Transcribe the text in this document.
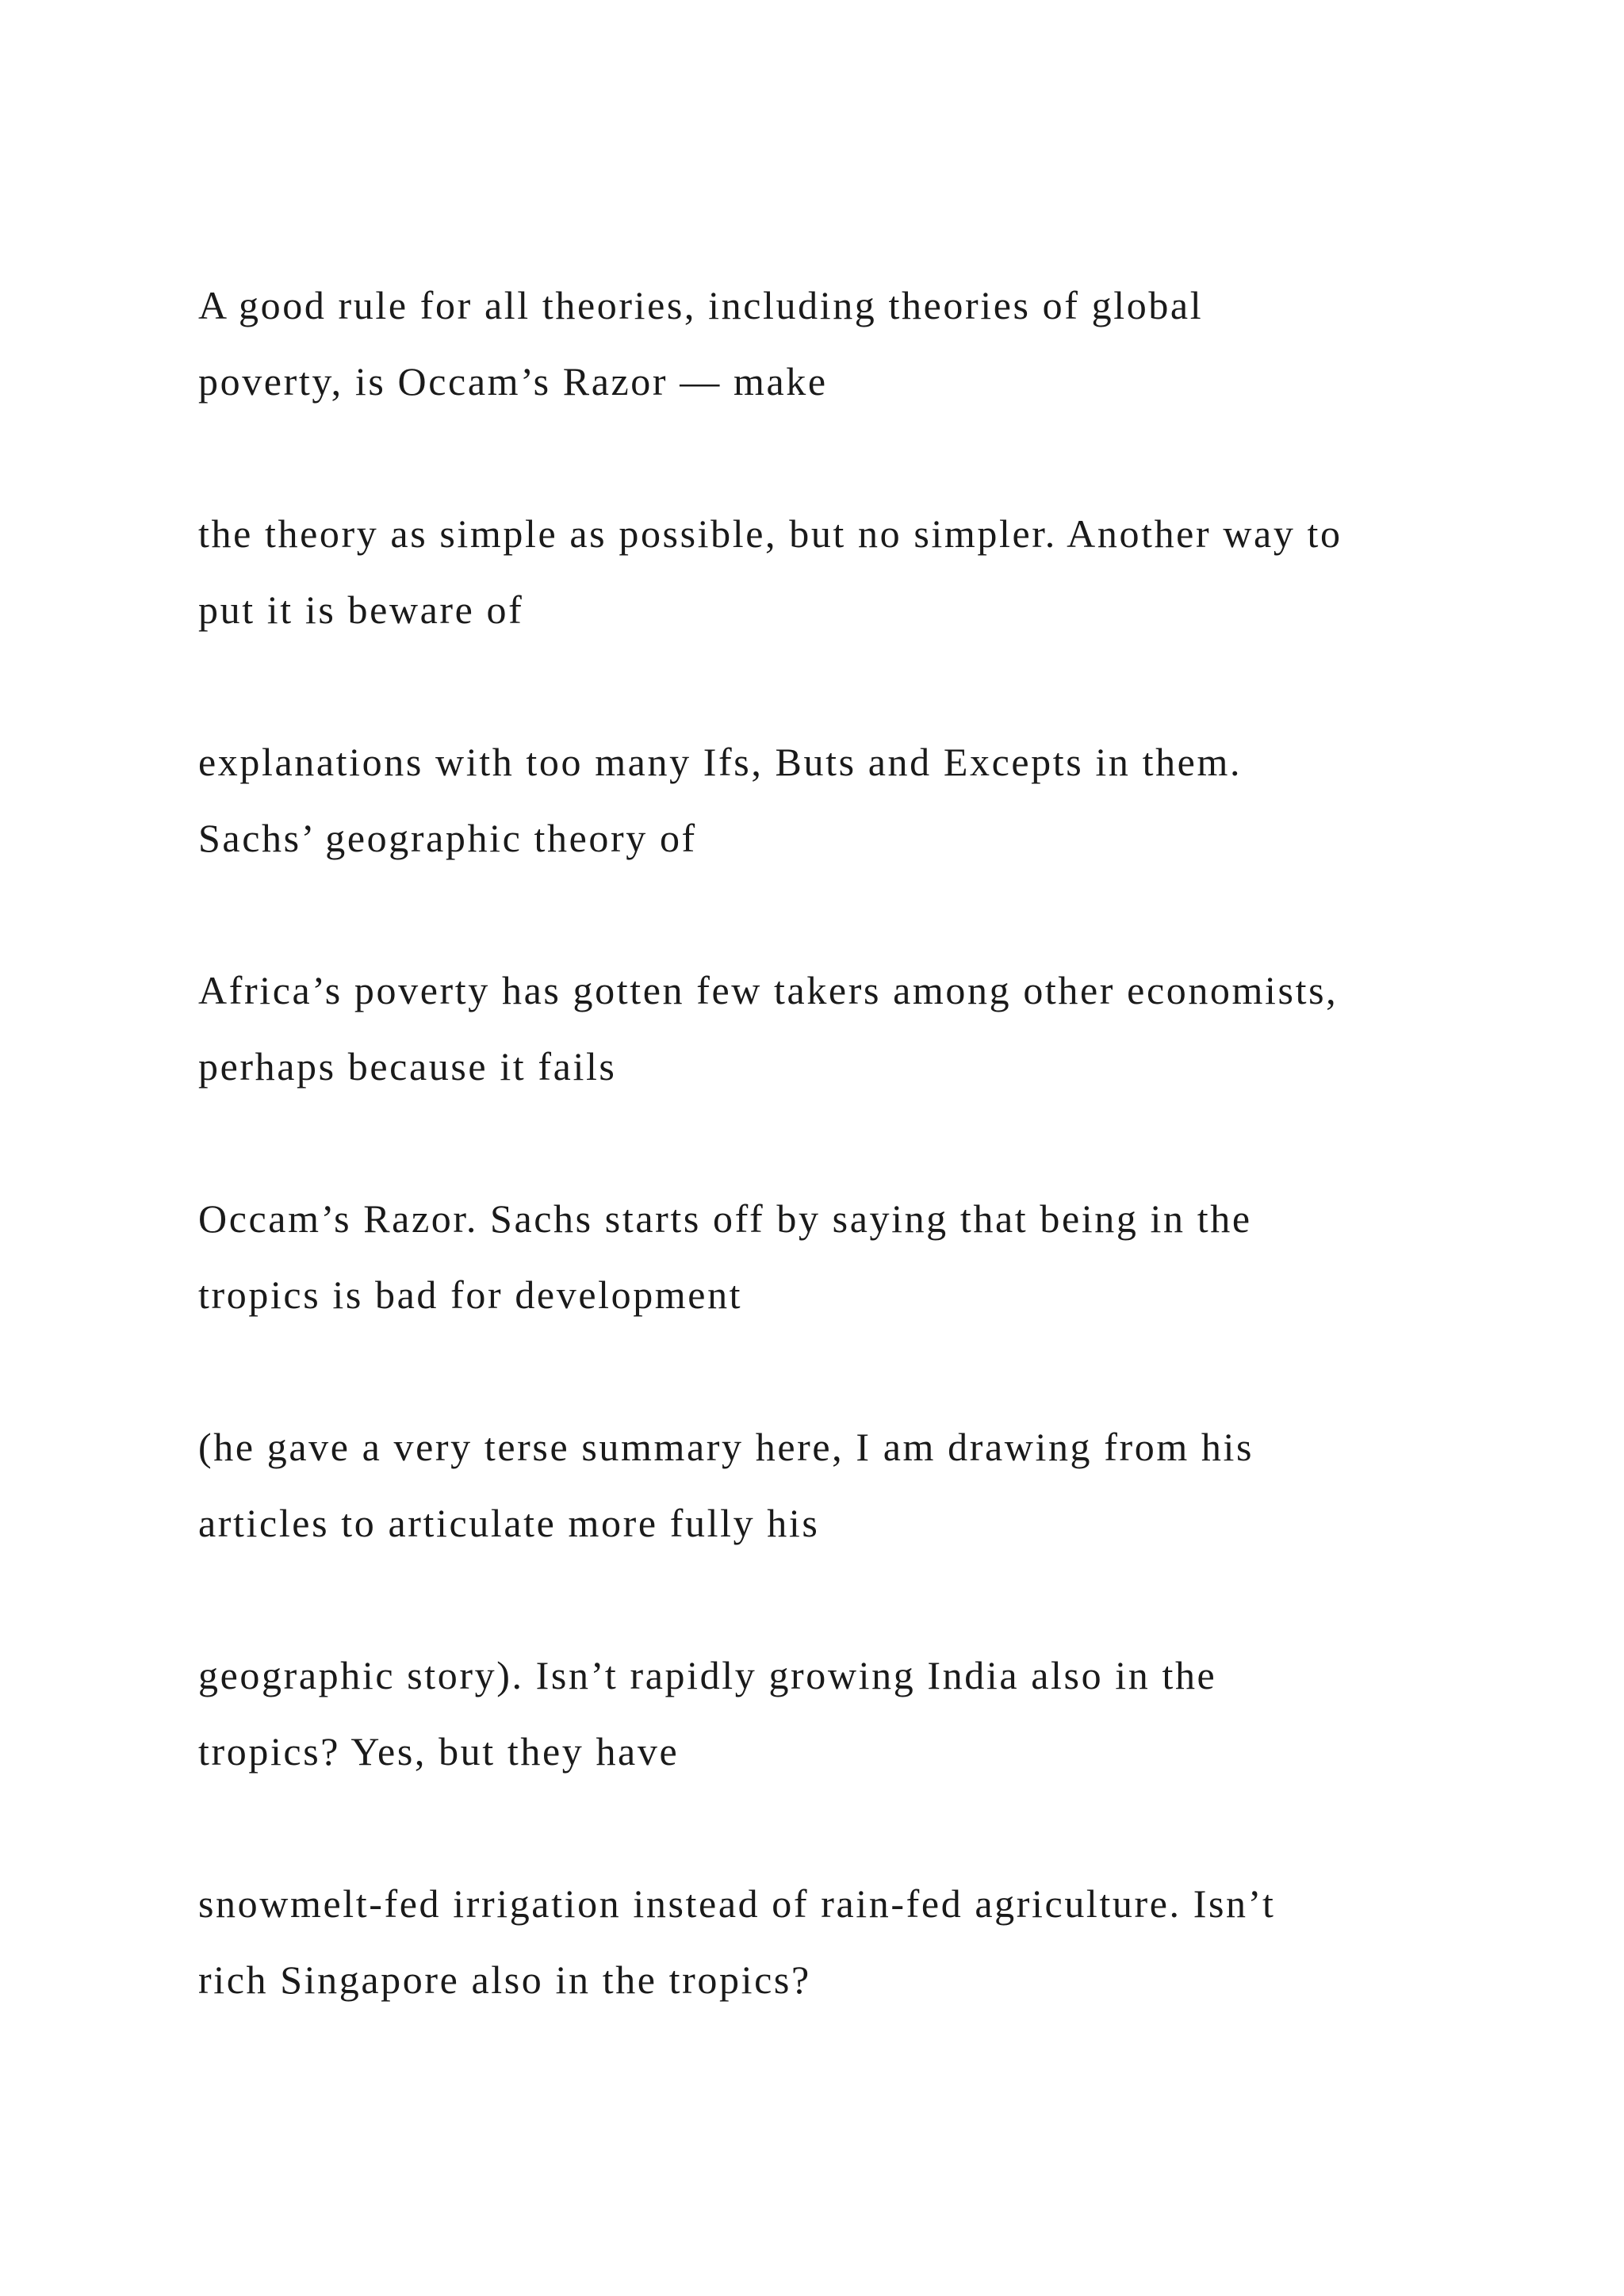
A good rule for all theories, including theories of global
poverty, is Occam’s Razor — make

the theory as simple as possible, but no simpler. Another way to
put it is beware of

explanations with too many Ifs, Buts and Excepts in them.
Sachs’ geographic theory of

Africa’s poverty has gotten few takers among other economists,
perhaps because it fails

Occam’s Razor. Sachs starts off by saying that being in the
tropics is bad for development

(he gave a very terse summary here, I am drawing from his
articles to articulate more fully his

geographic story). Isn’t rapidly growing India also in the
tropics? Yes, but they have

snowmelt-fed irrigation instead of rain-fed agriculture. Isn’t
rich Singapore also in the tropics?
